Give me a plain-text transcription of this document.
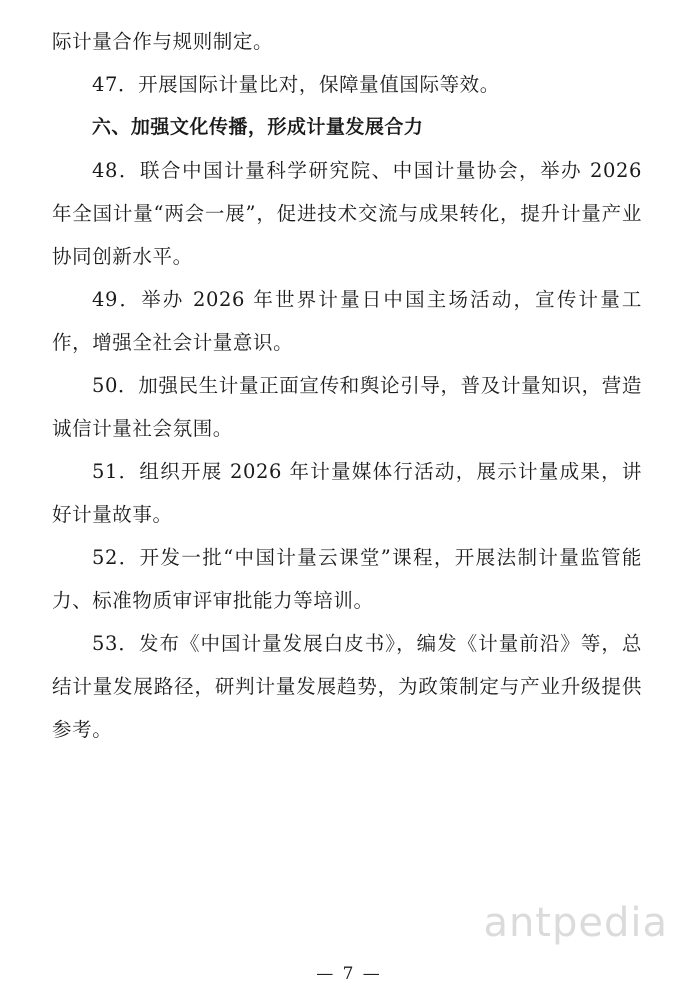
际计量合作与规则制定。

47．开展国际计量比对，保障量值国际等效。

六、加强文化传播，形成计量发展合力

48．联合中国计量科学研究院、中国计量协会，举办 2026 年全国计量“两会一展”，促进技术交流与成果转化，提升计量产业协同创新水平。

49．举办 2026 年世界计量日中国主场活动，宣传计量工作，增强全社会计量意识。

50．加强民生计量正面宣传和舆论引导，普及计量知识，营造诚信计量社会氛围。

51．组织开展 2026 年计量媒体行活动，展示计量成果，讲好计量故事。

52．开发一批“中国计量云课堂”课程，开展法制计量监管能力、标准物质审评审批能力等培训。

53．发布《中国计量发展白皮书》，编发《计量前沿》等，总结计量发展路径，研判计量发展趋势，为政策制定与产业升级提供参考。

antpedia
— 7 —
